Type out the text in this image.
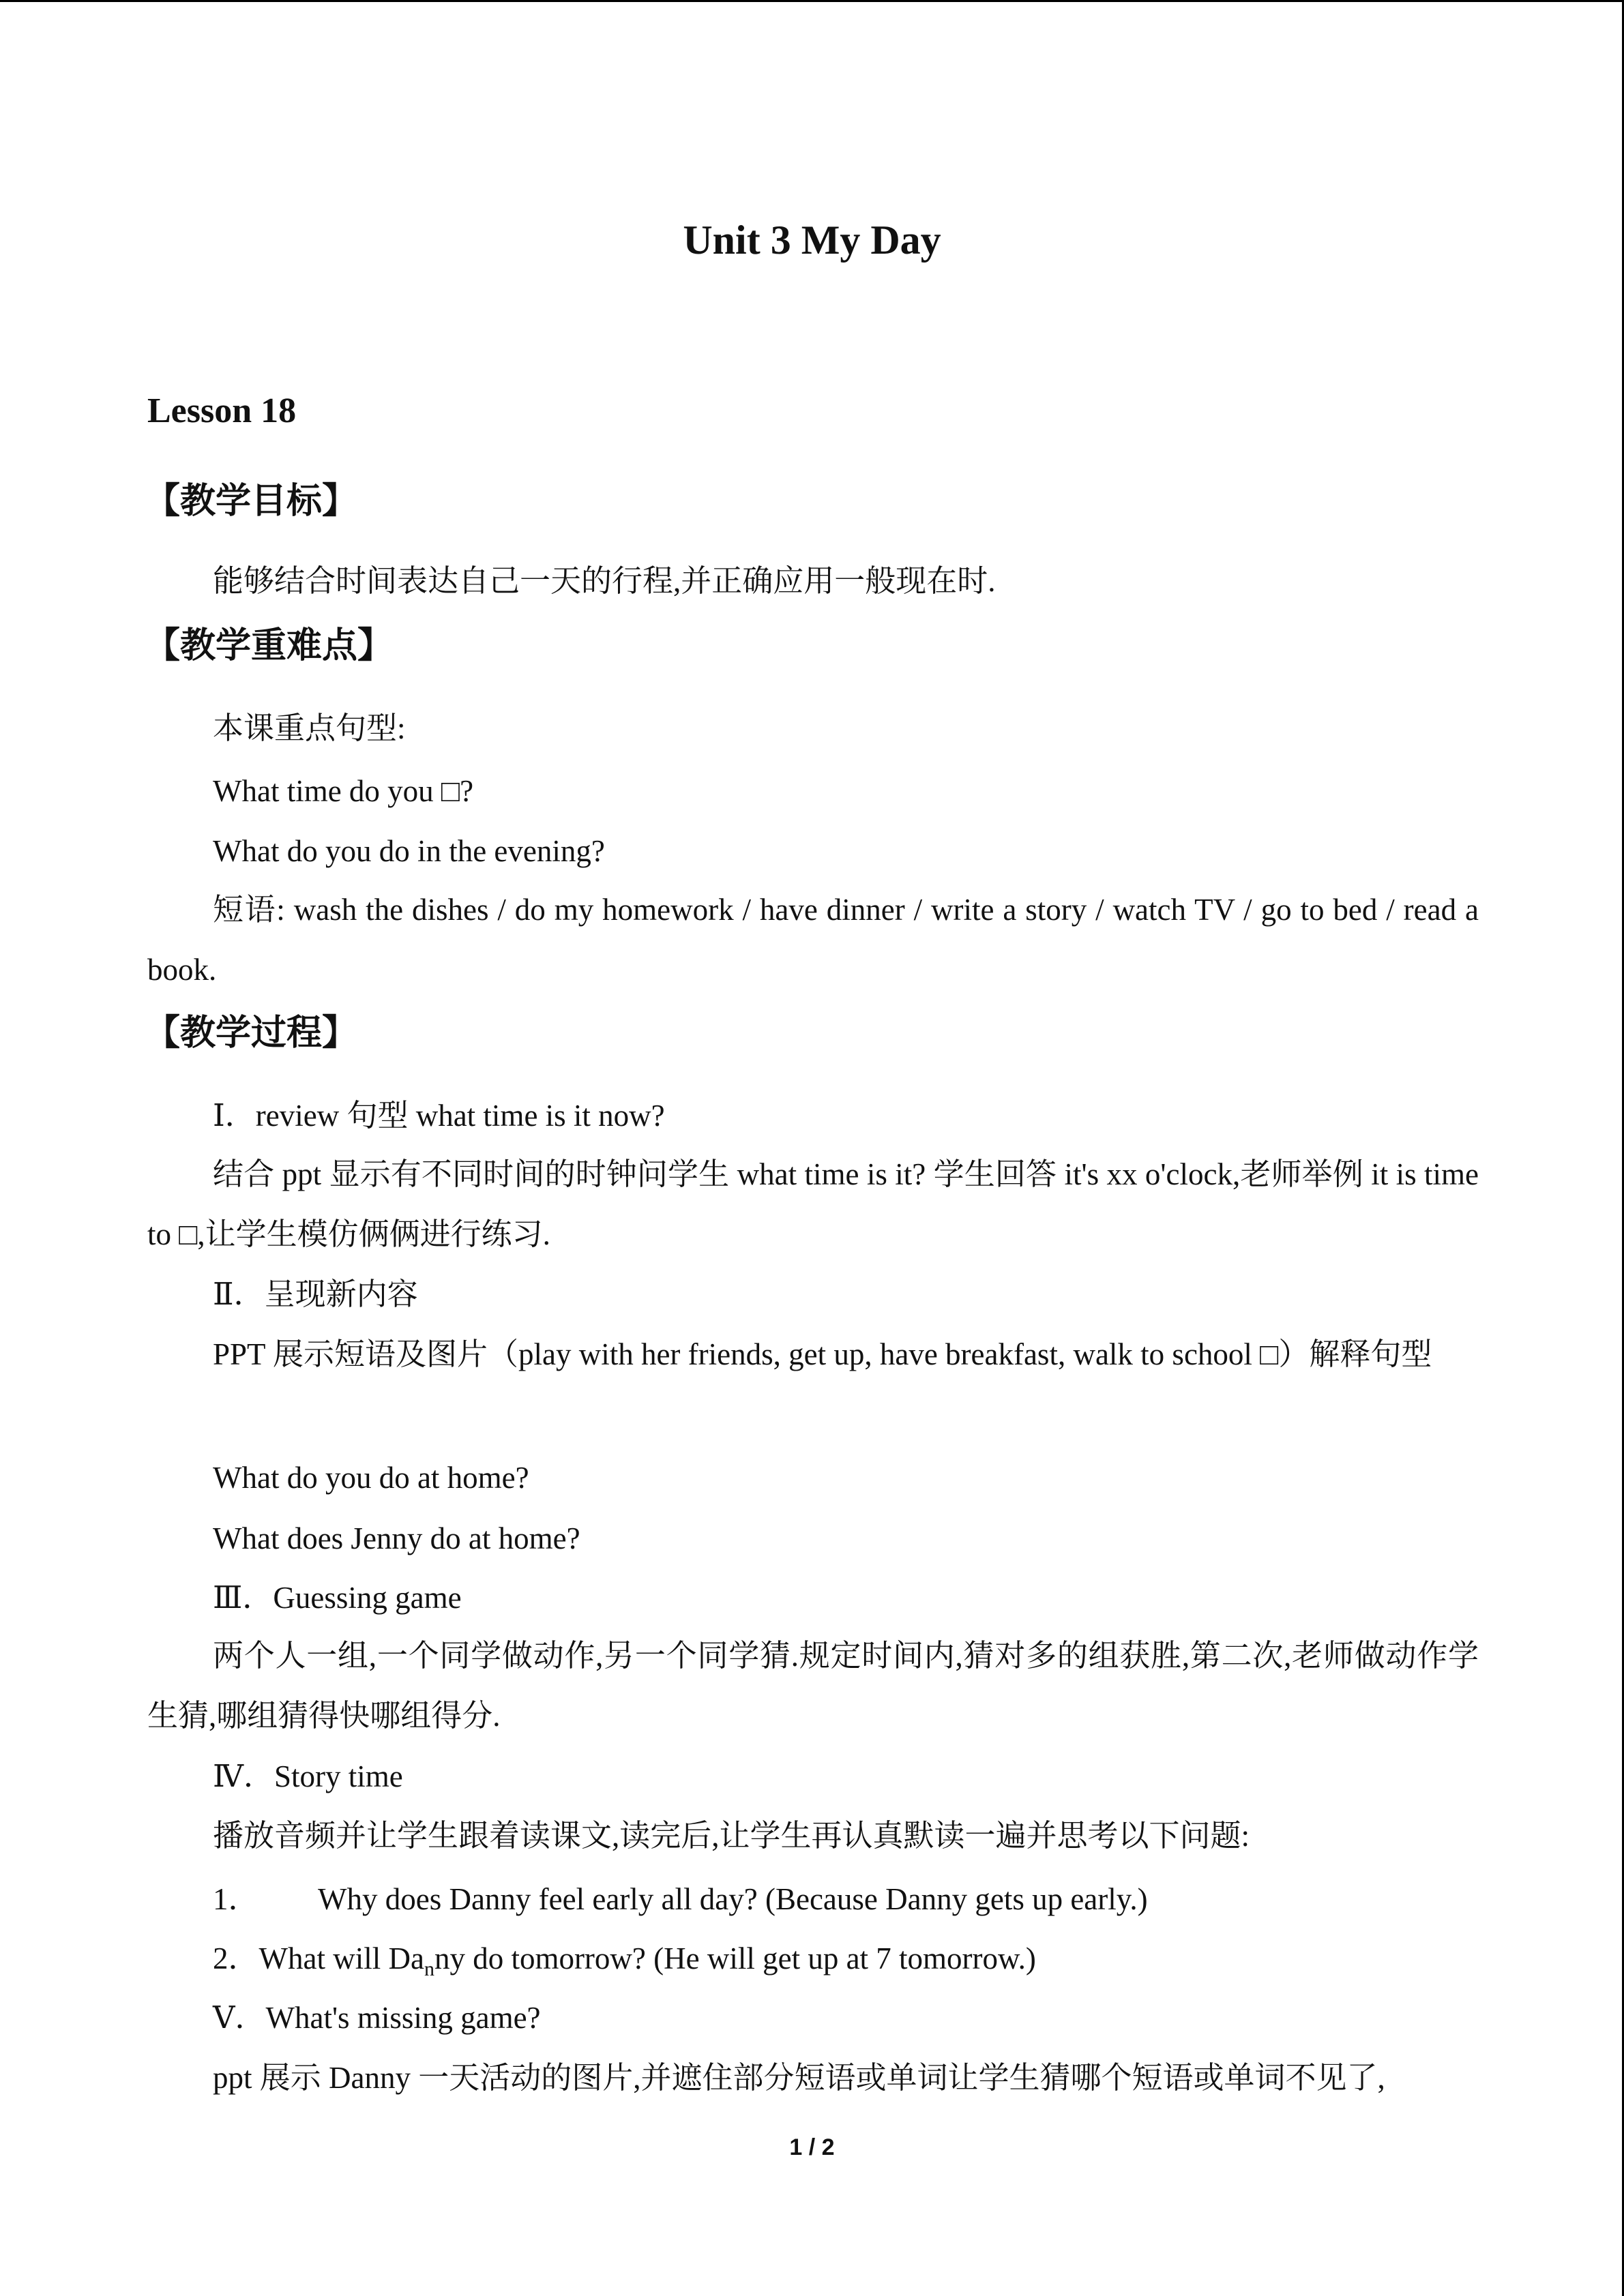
Unit 3 My Day
Lesson 18
【教学目标】
能够结合时间表达自己一天的行程,并正确应用一般现在时.
【教学重难点】
本课重点句型:
What time do you □?
What do you do in the evening?
短语: wash the dishes / do my homework / have dinner / write a story / watch TV / go to bed / read a book.
【教学过程】
Ⅰ．review 句型 what time is it now?
结合 ppt 显示有不同时间的时钟问学生 what time is it? 学生回答 it's xx o'clock,老师举例 it is time to □,让学生模仿俩俩进行练习.
Ⅱ．呈现新内容
PPT 展示短语及图片（play with her friends, get up, have breakfast, walk to school □）解释句型
What do you do at home?
What does Jenny do at home?
Ⅲ．Guessing game
两个人一组,一个同学做动作,另一个同学猜.规定时间内,猜对多的组获胜,第二次,老师做动作学生猜,哪组猜得快哪组得分.
Ⅳ．Story time
播放音频并让学生跟着读课文,读完后,让学生再认真默读一遍并思考以下问题:
1． Why does Danny feel early all day? (Because Danny gets up early.)
2．What will $Da_nny$ do tomorrow? (He will get up at 7 tomorrow.)
Ⅴ．What's missing game?
ppt 展示 Danny 一天活动的图片,并遮住部分短语或单词让学生猜哪个短语或单词不见了,
1 / 2
